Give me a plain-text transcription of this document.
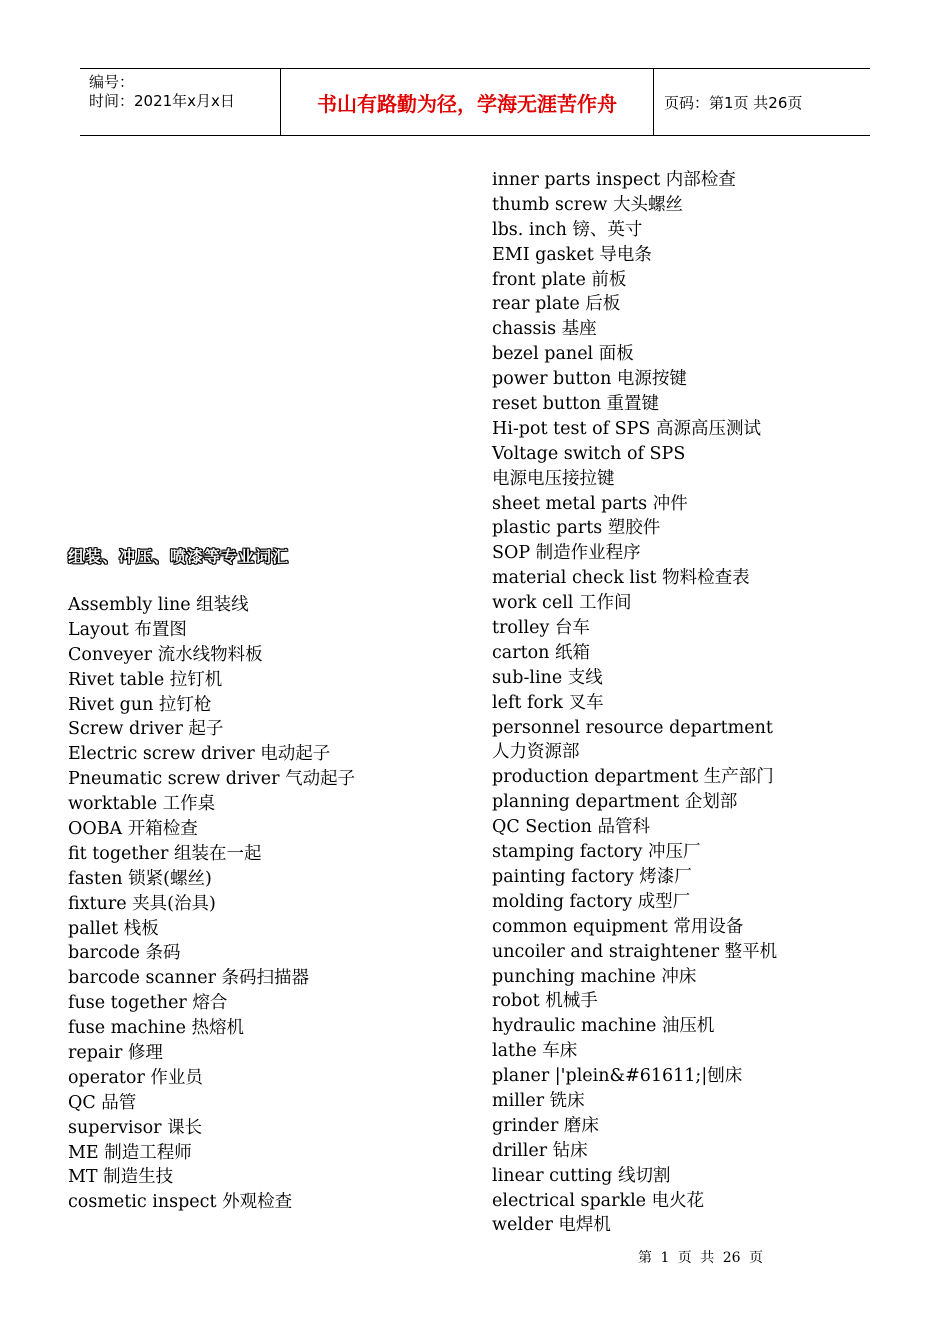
编号：
时间：2021年x月x日	书山有路勤为径，学海无涯苦作舟	页码：第1页 共26页
组装、冲压、喷漆等专业词汇
Assembly line 组装线
Layout 布置图
Conveyer 流水线物料板
Rivet table 拉钉机
Rivet gun 拉钉枪
Screw driver 起子
Electric screw driver 电动起子
Pneumatic screw driver 气动起子
worktable 工作桌
OOBA 开箱检查
fit together 组装在一起
fasten 锁紧(螺丝)
fixture 夹具(治具)
pallet 栈板
barcode 条码
barcode scanner 条码扫描器
fuse together 熔合
fuse machine 热熔机
repair 修理
operator 作业员
QC 品管
supervisor 课长
ME 制造工程师
MT 制造生技
cosmetic inspect 外观检查
inner parts inspect 内部检查
thumb screw 大头螺丝
lbs. inch 镑、英寸
EMI gasket 导电条
front plate 前板
rear plate 后板
chassis 基座
bezel panel 面板
power button 电源按键
reset button 重置键
Hi-pot test of SPS 高源高压测试
Voltage switch of SPS
电源电压接拉键
sheet metal parts 冲件
plastic parts 塑胶件
SOP 制造作业程序
material check list 物料检查表
work cell 工作间
trolley 台车
carton 纸箱
sub-line 支线
left fork 叉车
personnel resource department
人力资源部
production department 生产部门
planning department 企划部
QC Section 品管科
stamping factory 冲压厂
painting factory 烤漆厂
molding factory 成型厂
common equipment 常用设备
uncoiler and straightener 整平机
punching machine 冲床
robot 机械手
hydraulic machine 油压机
lathe 车床
planer |'plein&#61611;|刨床
miller 铣床
grinder 磨床
driller 钻床
linear cutting 线切割
electrical sparkle 电火花
welder 电焊机
第 1 页 共 26 页
